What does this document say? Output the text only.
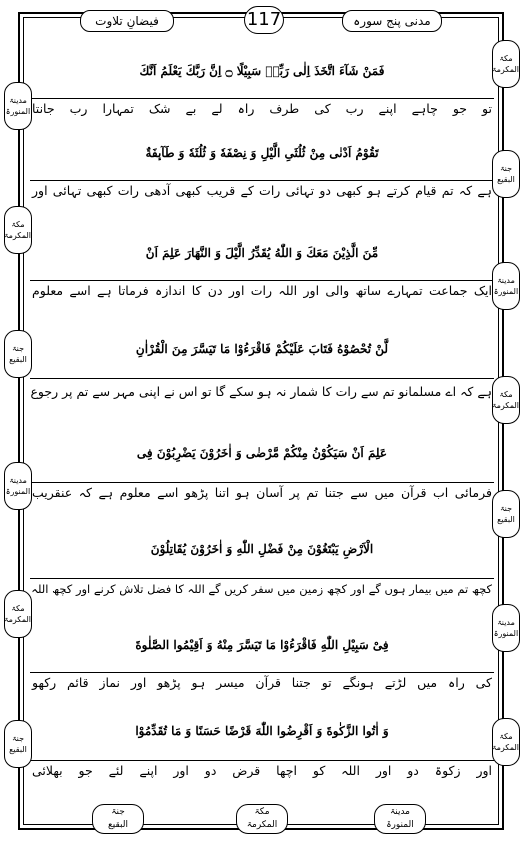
فیضانِ تلاوت	117	مدنی پنج سورہ
فَمَنْ شَآءَ اتَّخَذَ اِلٰی رَبِّهٖ سَبِیْلًا ۝ اِنَّ رَبَّكَ یَعْلَمُ اَنَّكَ
تو جو چاہے اپنے رب کی طرف راہ لے بے شک تمہارا رب جانتا
تَقُوْمُ اَدْنٰی مِنْ ثُلُثَیِ الَّیْلِ وَ نِصْفَهٗ وَ ثُلُثَهٗ وَ طَآىٕفَةٌ
ہے کہ تم قیام کرتے ہو کبھی دو تہائی رات کے قریب کبھی آدھی رات کبھی تہائی اور
مِّنَ الَّذِیْنَ مَعَكَ وَ اللّٰهُ یُقَدِّرُ الَّیْلَ وَ النَّهَارَ عَلِمَ اَنْ
ایک جماعت تمہارے ساتھ والی اور اللہ رات اور دن کا اندازہ فرماتا ہے اسے معلوم
لَّنْ تُحْصُوْهُ فَتَابَ عَلَیْكُمْ فَاقْرَءُوْا مَا تَیَسَّرَ مِنَ الْقُرْاٰنِ
ہے کہ اے مسلمانو تم سے رات کا شمار نہ ہو سکے گا تو اس نے اپنی مہر سے تم پر رجوع
عَلِمَ اَنْ سَیَكُوْنُ مِنْكُمْ مَّرْضٰی وَ اٰخَرُوْنَ یَضْرِبُوْنَ فِی
فرمائی اب قرآن میں سے جتنا تم پر آسان ہو اتنا پڑھو اسے معلوم ہے کہ عنقریب
الْاَرْضِ یَبْتَغُوْنَ مِنْ فَضْلِ اللّٰهِ وَ اٰخَرُوْنَ یُقَاتِلُوْنَ
کچھ تم میں بیمار ہوں گے اور کچھ زمین میں سفر کریں گے اللہ کا فضل تلاش کرنے اور کچھ اللہ
فِیْ سَبِیْلِ اللّٰهِ فَاقْرَءُوْا مَا تَیَسَّرَ مِنْهُ وَ اَقِیْمُوا الصَّلٰوةَ
کی راہ میں لڑتے ہونگے تو جتنا قرآن میسر ہو پڑھو اور نماز قائم رکھو
وَ اٰتُوا الزَّكٰوةَ وَ اَقْرِضُوا اللّٰهَ قَرْضًا حَسَنًا وَ مَا تُقَدِّمُوْا
اور زکوۃ دو اور اللہ کو اچھا قرض دو اور اپنے لئے جو بھلائی
مدینۃ
المنورۃ
مکۃ
المکرمۃ
جنۃ
البقیع
مدینۃ
المنورۃ
مکۃ
المکرمۃ
جنۃ
البقیع
مکۃ
المکرمۃ
جنۃ
البقیع
مدینۃ
المنورۃ
مکۃ
المکرمۃ
جنۃ
البقیع
مدینۃ
المنورۃ
مکۃ
المکرمۃ
جنۃ
البقیع
مکۃ
المکرمۃ
مدینۃ
المنورۃ
